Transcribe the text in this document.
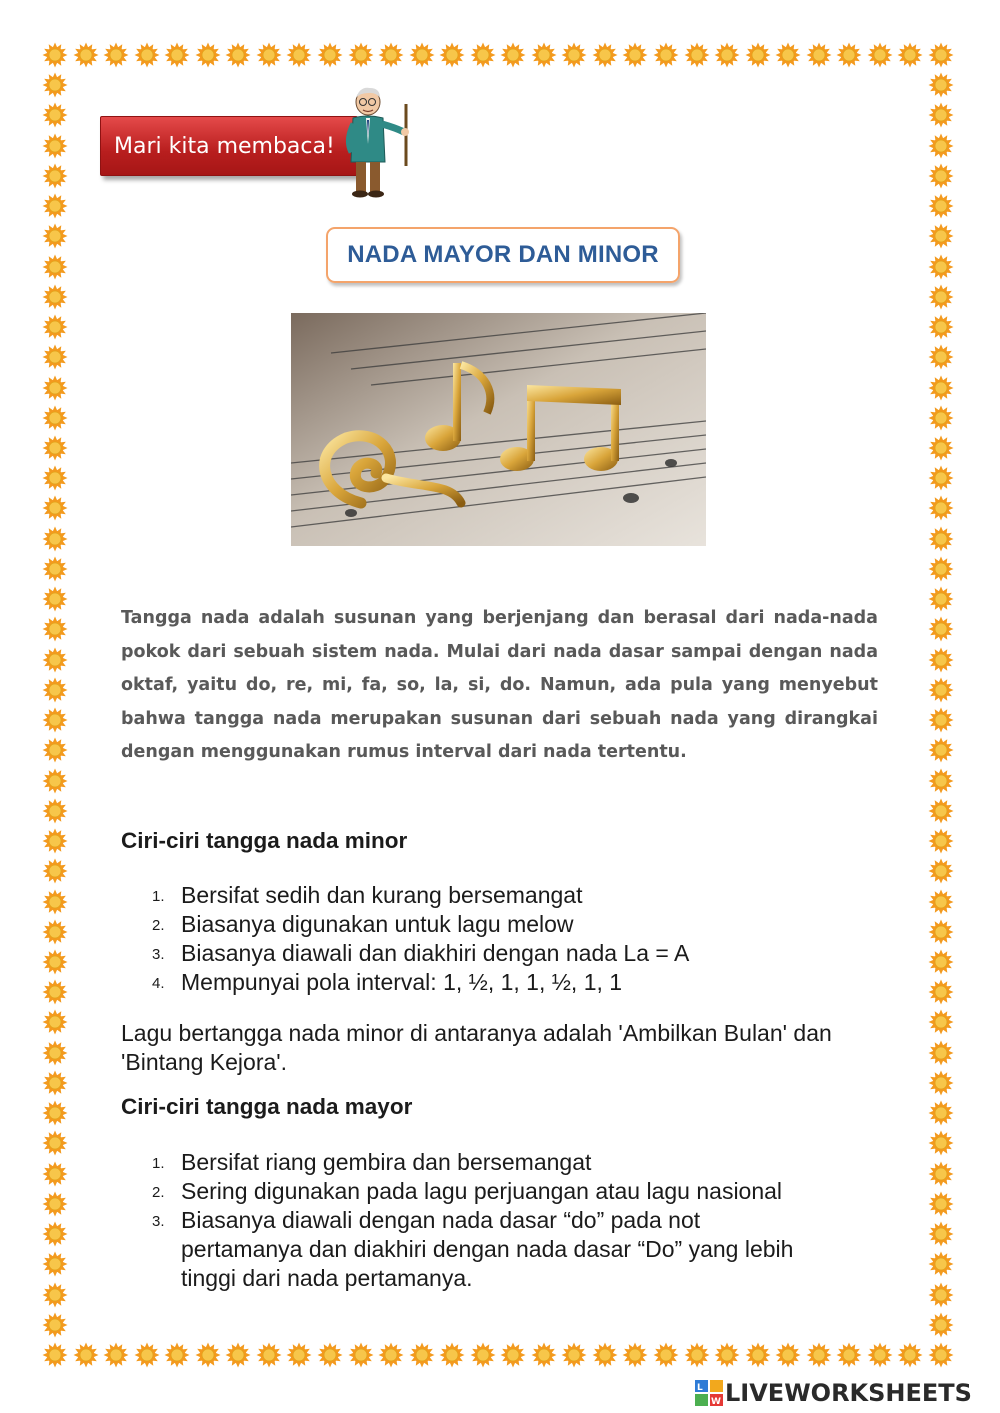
Mari kita membaca!
NADA MAYOR DAN MINOR

Tangga nada adalah susunan yang berjenjang dan berasal dari nada-nada pokok dari sebuah sistem nada. Mulai dari nada dasar sampai dengan nada oktaf, yaitu do, re, mi, fa, so, la, si, do. Namun, ada pula yang menyebut bahwa tangga nada merupakan susunan dari sebuah nada yang dirangkai dengan menggunakan rumus interval dari nada tertentu.

Ciri-ciri tangga nada minor
1. Bersifat sedih dan kurang bersemangat
2. Biasanya digunakan untuk lagu melow
3. Biasanya diawali dan diakhiri dengan nada La = A
4. Mempunyai pola interval: 1, ½, 1, 1, ½, 1, 1

Lagu bertangga nada minor di antaranya adalah 'Ambilkan Bulan' dan 'Bintang Kejora'.

Ciri-ciri tangga nada mayor
1. Bersifat riang gembira dan bersemangat
2. Sering digunakan pada lagu perjuangan atau lagu nasional
3. Biasanya diawali dengan nada dasar “do” pada not pertamanya dan diakhiri dengan nada dasar “Do” yang lebih tinggi dari nada pertamanya.
L
W LIVEWORKSHEETS
